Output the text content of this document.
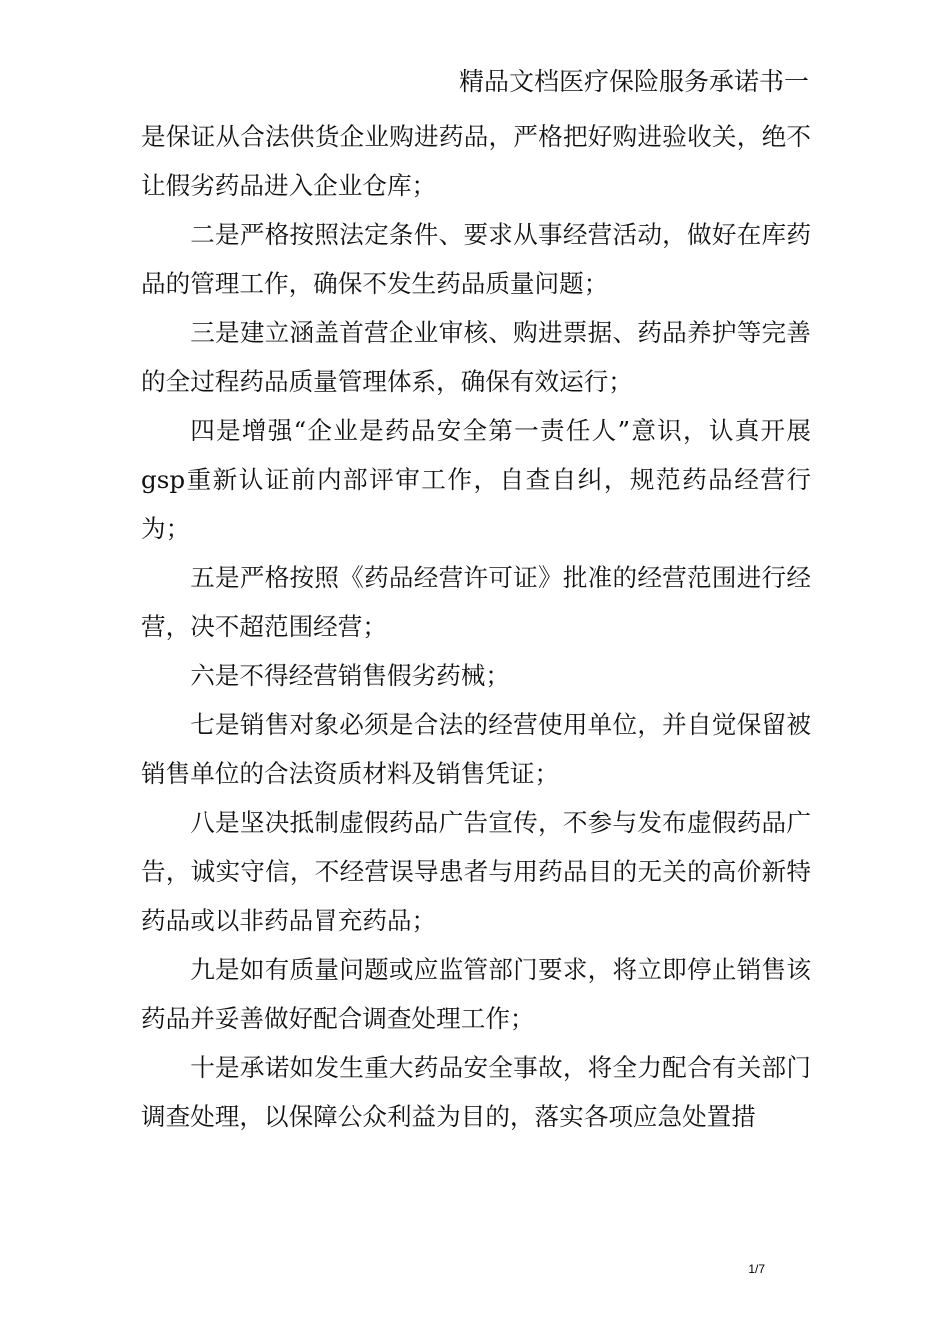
精品文档医疗保险服务承诺书一

是保证从合法供货企业购进药品，严格把好购进验收关，绝不让假劣药品进入企业仓库；

二是严格按照法定条件、要求从事经营活动，做好在库药品的管理工作，确保不发生药品质量问题；

三是建立涵盖首营企业审核、购进票据、药品养护等完善的全过程药品质量管理体系，确保有效运行；

四是增强“企业是药品安全第一责任人”意识，认真开展gsp重新认证前内部评审工作，自查自纠，规范药品经营行为；

五是严格按照《药品经营许可证》批准的经营范围进行经营，决不超范围经营；

六是不得经营销售假劣药械；

七是销售对象必须是合法的经营使用单位，并自觉保留被销售单位的合法资质材料及销售凭证；

八是坚决抵制虚假药品广告宣传，不参与发布虚假药品广告，诚实守信，不经营误导患者与用药品目的无关的高价新特药品或以非药品冒充药品；

九是如有质量问题或应监管部门要求，将立即停止销售该药品并妥善做好配合调查处理工作；

十是承诺如发生重大药品安全事故，将全力配合有关部门调查处理，以保障公众利益为目的，落实各项应急处置措

1/7
